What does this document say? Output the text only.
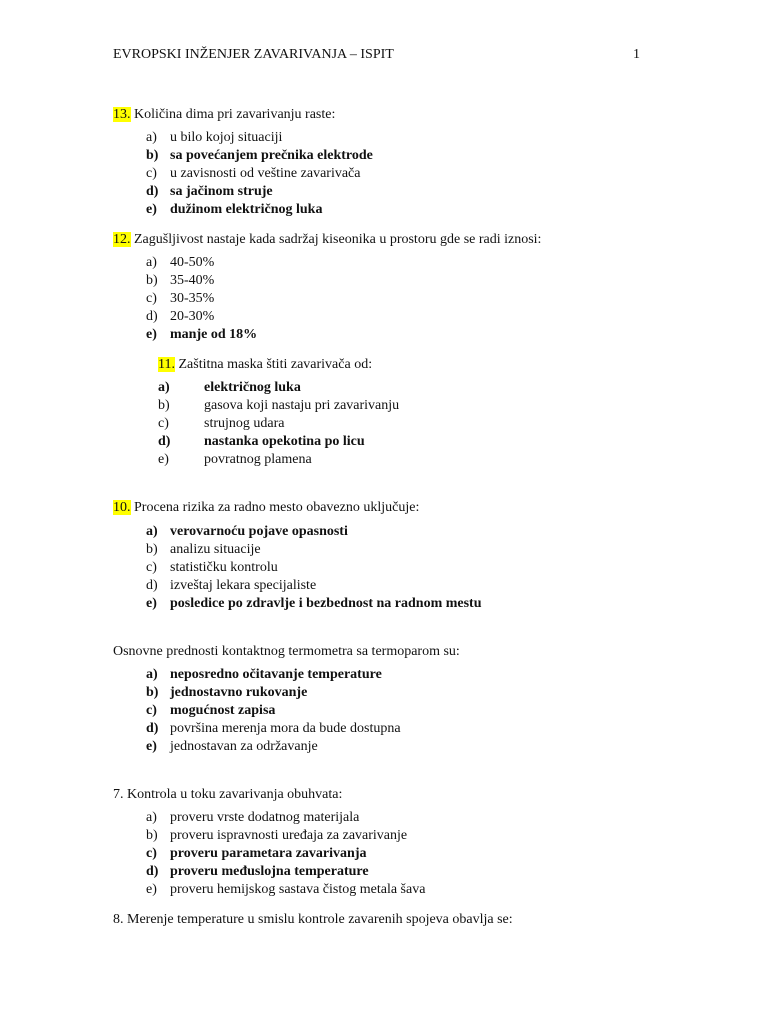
EVROPSKI INŽENJER ZAVARIVANJA – ISPIT	1
13. Količina dima pri zavarivanju raste:
a) u bilo kojoj situaciji
b) sa povećanjem prečnika elektrode
c) u zavisnosti od veštine zavarivača
d) sa jačinom struje
e) dužinom električnog luka
12. Zagušljivost nastaje kada sadržaj kiseonika u prostoru gde se radi iznosi:
a) 40-50%
b) 35-40%
c) 30-35%
d) 20-30%
e) manje od 18%
11. Zaštitna maska štiti zavarivača od:
a) električnog luka
b) gasova koji nastaju pri zavarivanju
c)	strujnog udara
d) nastanka opekotina po licu
e)	povratnog plamena
10. Procena rizika za radno mesto obavezno uključuje:
a) verovarnoću pojave opasnosti
b) analizu situacije
c) statističku kontrolu
d) izveštaj lekara specijaliste
e) posledice po zdravlje i bezbednost na radnom mestu
Osnovne prednosti kontaktnog termometra sa termoparom su:
a) neposredno očitavanje temperature
b) jednostavno rukovanje
c) mogućnost zapisa
d) površina merenja mora da bude dostupna
e) jednostavan za održavanje
7. Kontrola u toku zavarivanja obuhvata:
a) proveru vrste dodatnog materijala
b) proveru ispravnosti uređaja za zavarivanje
c) proveru parametara zavarivanja
d) proveru međuslojna temperature
e) proveru hemijskog sastava čistog metala šava
8. Merenje temperature u smislu kontrole zavarenih spojeva obavlja se:
